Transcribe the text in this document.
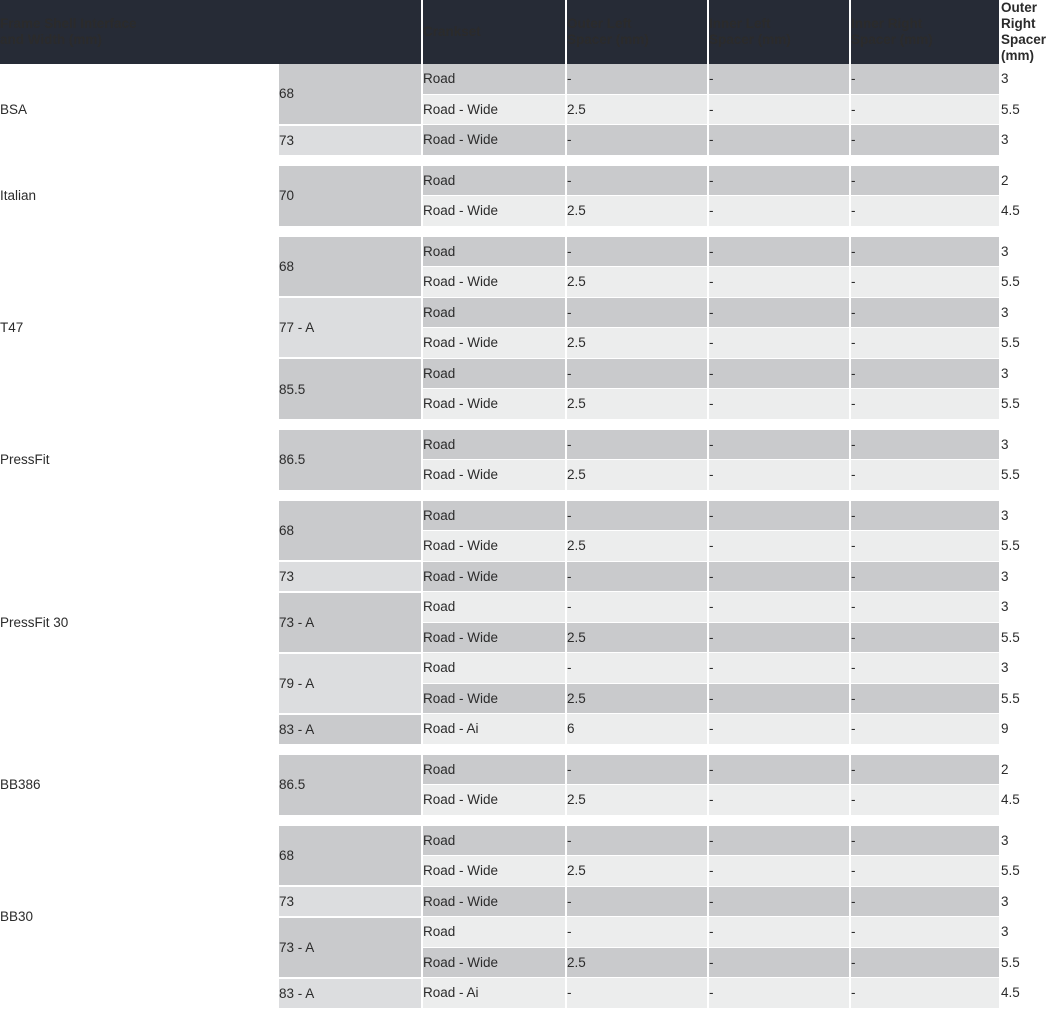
Frame Shell Interface
and Width (mm)		Crankset	Outer Left
Spacer (mm)	Inner Left
Spacer (mm)	Inner Right
Spacer (mm)	Outer Right
Spacer (mm)
BSA	68	Road	-	-	-	3
		Road - Wide	2.5	-	-	5.5
	73	Road - Wide	-	-	-	3

Italian	70	Road	-	-	-	2
		Road - Wide	2.5	-	-	4.5

T47	68	Road	-	-	-	3
		Road - Wide	2.5	-	-	5.5
	77 - A	Road	-	-	-	3
		Road - Wide	2.5	-	-	5.5
	85.5	Road	-	-	-	3
		Road - Wide	2.5	-	-	5.5

PressFit	86.5	Road	-	-	-	3
		Road - Wide	2.5	-	-	5.5

PressFit 30	68	Road	-	-	-	3
		Road - Wide	2.5	-	-	5.5
	73	Road - Wide	-	-	-	3
	73 - A	Road	-	-	-	3
		Road - Wide	2.5	-	-	5.5
	79 - A	Road	-	-	-	3
		Road - Wide	2.5	-	-	5.5
	83 - A	Road - Ai	6	-	-	9

BB386	86.5	Road	-	-	-	2
		Road - Wide	2.5	-	-	4.5

BB30	68	Road	-	-	-	3
		Road - Wide	2.5	-	-	5.5
	73	Road - Wide	-	-	-	3
	73 - A	Road	-	-	-	3
		Road - Wide	2.5	-	-	5.5
	83 - A	Road - Ai	-	-	-	4.5
